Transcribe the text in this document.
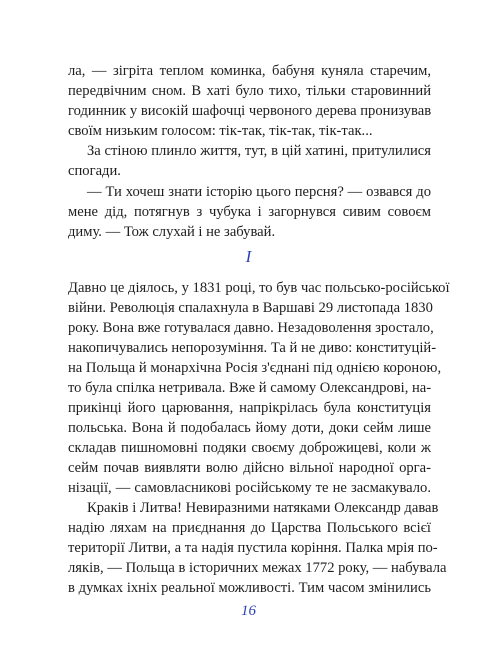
ла, — зігріта теплом коминка, бабуня куняла старечим,

передвічним сном. В хаті було тихо, тільки старовинний

годинник у високій шафочці червоного дерева пронизував

своїм низьким голосом: тік-так, тік-так, тік-так...

За стіною плинло життя, тут, в цій хатині, притулилися

спогади.

— Ти хочеш знати історію цього персня? — озвався до

мене дід, потягнув з чубука і загорнувся сивим совоєм

диму. — Тож слухай і не забувай.

I

Давно це діялось, у 1831 році, то був час польсько-російської

війни. Революція спалахнула в Варшаві 29 листопада 1830

року. Вона вже готувалася давно. Незадоволення зростало,

накопичувались непорозуміння. Та й не диво: конституцій-

на Польща й монархічна Росія з'єднані під однією короною,

то була спілка нетривала. Вже й самому Олександрові, на-

прикінці його царювання, напрікрілась була конституція

польська. Вона й подобалась йому доти, доки сейм лише

складав пишномовні подяки своєму доброжицеві, коли ж

сейм почав виявляти волю дійсно вільної народної орга-

нізації, — самовласникові російському те не засмакувало.

Краків і Литва! Невиразними натяками Олександр давав

надію ляхам на приєднання до Царства Польського всієї

території Литви, а та надія пустила коріння. Палка мрія по-

ляків, — Польща в історичних межах 1772 року, — набувала

в думках іхніх реальної можливості. Тим часом змінились

16
